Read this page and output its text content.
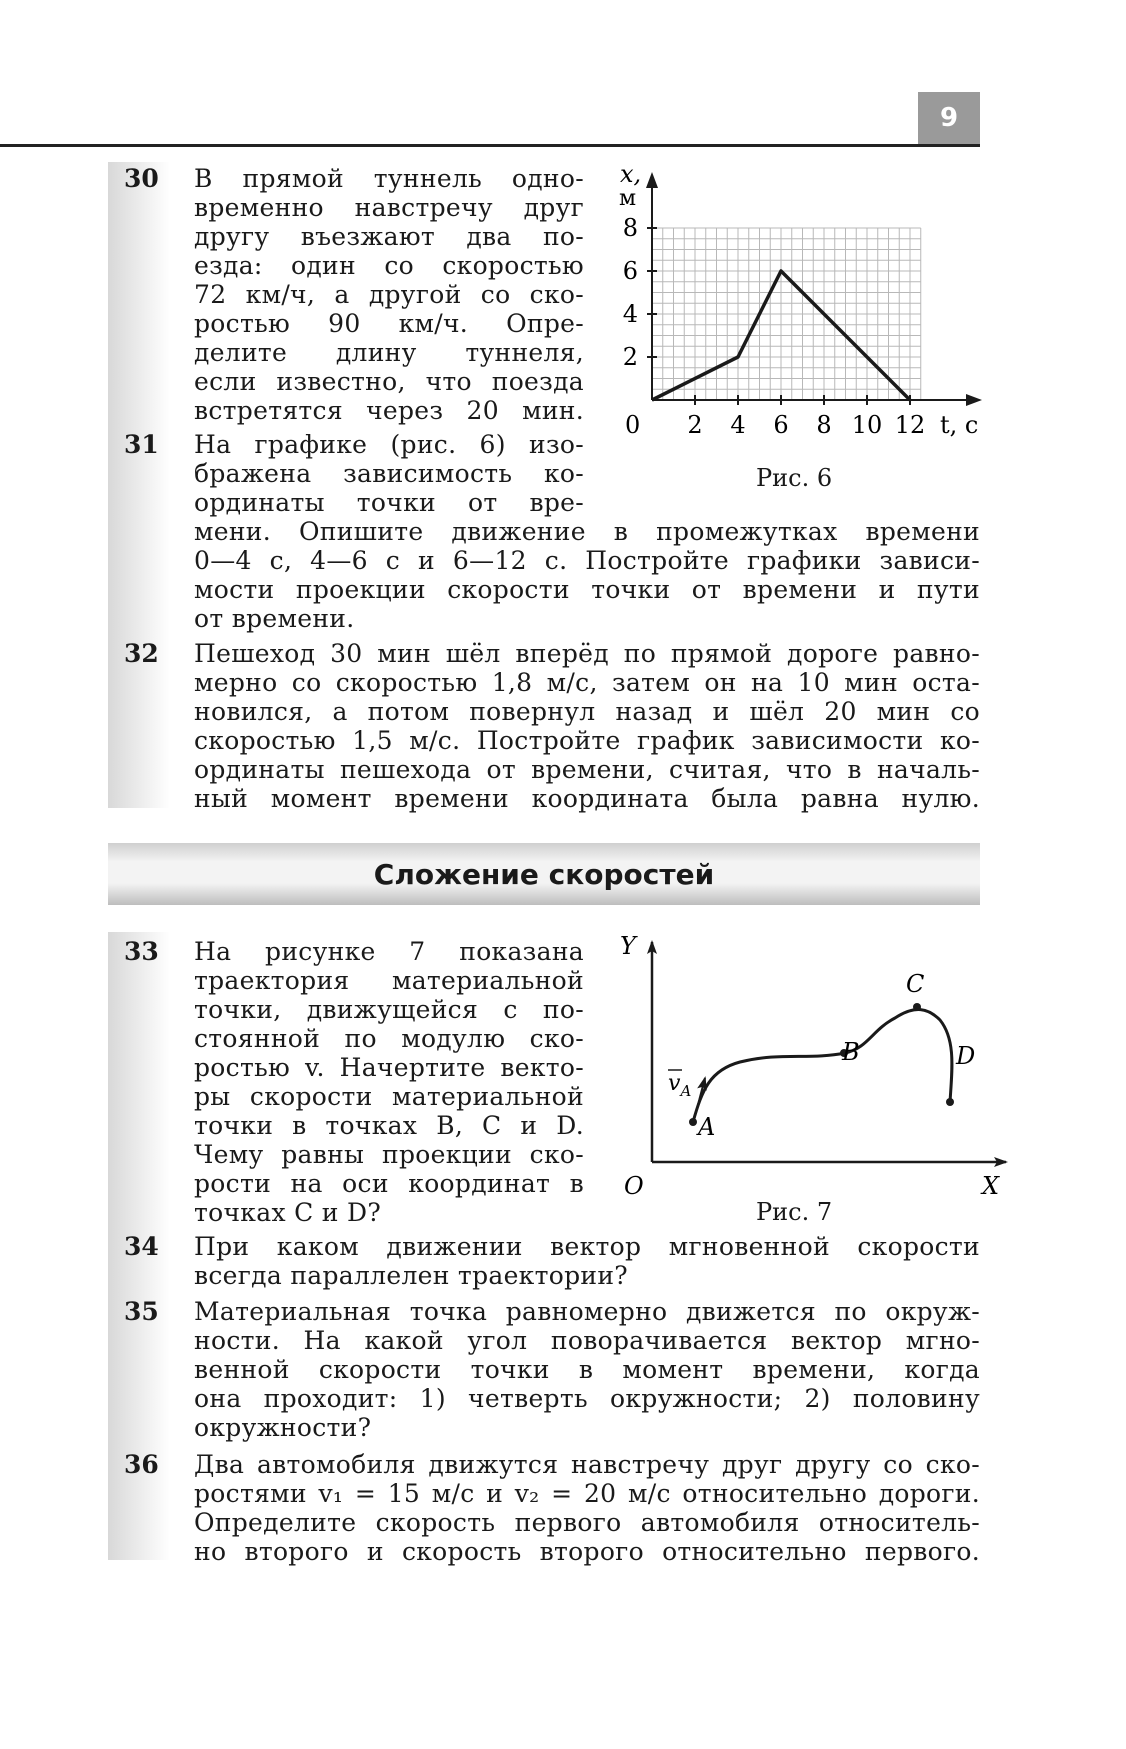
9
30 В прямой туннель одно-
временно навстречу друг
другу въезжают два по-
езда: один со скоростью
72 км/ч, а другой со ско-
ростью 90 км/ч. Опре-
делите длину туннеля,
если известно, что поезда
встретятся через 20 мин.
31 На графике (рис. 6) изо-
бражена зависимость ко-
ординаты точки от вре-
мени. Опишите движение в промежутках времени
0—4 с, 4—6 с и 6—12 с. Постройте графики зависи-
мости проекции скорости точки от времени и пути
от времени.
32 Пешеход 30 мин шёл вперёд по прямой дороге равно-
мерно со скоростью 1,8 м/с, затем он на 10 мин оста-
новился, а потом повернул назад и шёл 20 мин со
скоростью 1,5 м/с. Постройте график зависимости ко-
ординаты пешехода от времени, считая, что в началь-
ный момент времени координата была равна нулю.
2 4 6 8 10 12
2
4
6
8
x,
м
t, с
0
Рис. 6
Сложение скоростей
33 На рисунке 7 показана
траектория материальной
точки, движущейся с по-
стоянной по модулю ско-
ростью v. Начертите векто-
ры скорости материальной
точки в точках B, C и D.
Чему равны проекции ско-
рости на оси координат в
точках C и D?
Y
X
O
A
B
C
D
$v_A$
Рис. 7
34 При каком движении вектор мгновенной скорости
всегда параллелен траектории?
35 Материальная точка равномерно движется по окруж-
ности. На какой угол поворачивается вектор мгно-
венной скорости точки в момент времени, когда
она проходит: 1) четверть окружности; 2) половину
окружности?
36 Два автомобиля движутся навстречу друг другу со ско-
ростями v₁ = 15 м/с и v₂ = 20 м/с относительно дороги.
Определите скорость первого автомобиля относитель-
но второго и скорость второго относительно первого.
